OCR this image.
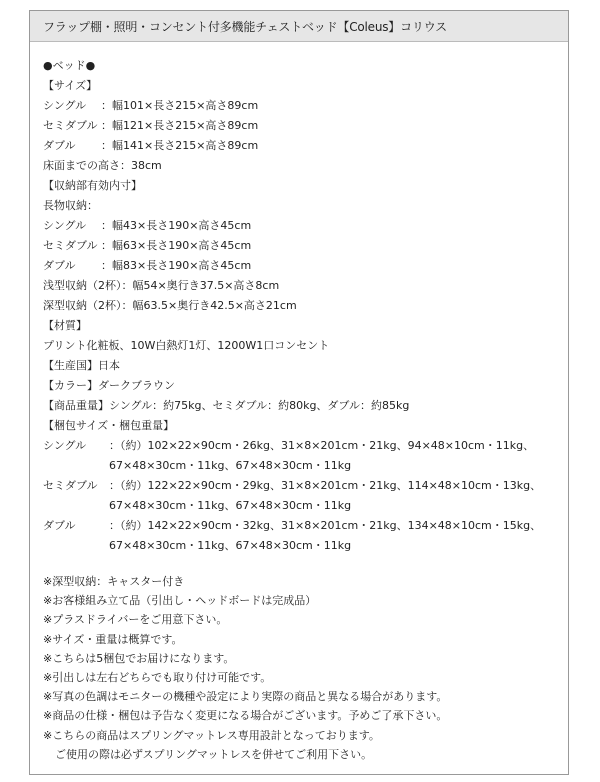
フラップ棚・照明・コンセント付多機能チェストベッド【Coleus】コリウス
●ベッド●
【サイズ】
シングル	：幅101×長さ215×高さ89cm
セミダブル ：幅121×長さ215×高さ89cm
ダブル	：幅141×長さ215×高さ89cm
床面までの高さ：38cm
【収納部有効内寸】
長物収納：
シングル	：幅43×長さ190×高さ45cm
セミダブル ：幅63×長さ190×高さ45cm
ダブル	：幅83×長さ190×高さ45cm
浅型収納（2杯）：幅54×奥行き37.5×高さ8cm
深型収納（2杯）：幅63.5×奥行き42.5×高さ21cm
【材質】
プリント化粧板、10W白熱灯1灯、1200W1口コンセント
【生産国】日本
【カラー】ダークブラウン
【商品重量】シングル：約75kg、セミダブル：約80kg、ダブル：約85kg
【梱包サイズ・梱包重量】
シングル	：（約）102×22×90cm・26kg、31×8×201cm・21kg、94×48×10cm・11kg、
67×48×30cm・11kg、67×48×30cm・11kg
セミダブル	：（約）122×22×90cm・29kg、31×8×201cm・21kg、114×48×10cm・13kg、
67×48×30cm・11kg、67×48×30cm・11kg
ダブル	：（約）142×22×90cm・32kg、31×8×201cm・21kg、134×48×10cm・15kg、
67×48×30cm・11kg、67×48×30cm・11kg
※深型収納：キャスター付き
※お客様組み立て品（引出し・ヘッドボードは完成品）
※プラスドライバーをご用意下さい。
※サイズ・重量は概算です。
※こちらは5梱包でお届けになります。
※引出しは左右どちらでも取り付け可能です。
※写真の色調はモニターの機種や設定により実際の商品と異なる場合があります。
※商品の仕様・梱包は予告なく変更になる場合がございます。予めご了承下さい。
※こちらの商品はスプリングマットレス専用設計となっております。
ご使用の際は必ずスプリングマットレスを併せてご利用下さい。
